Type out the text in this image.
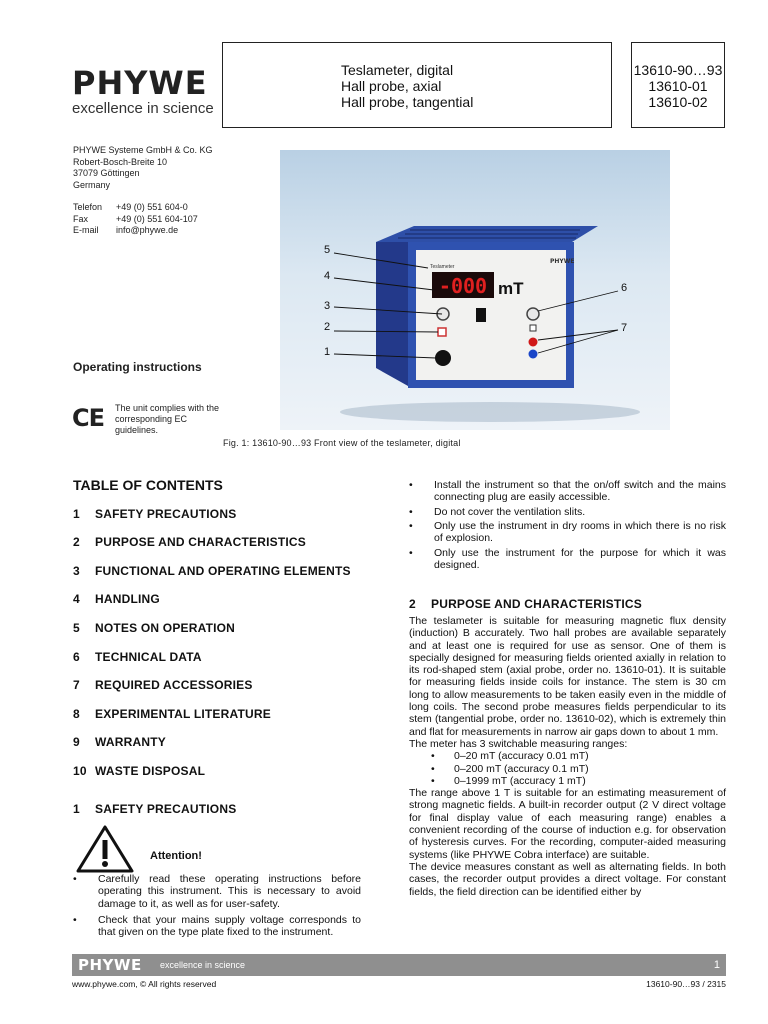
PHYWE
excellence in science
Teslameter, digital
Hall probe, axial
Hall probe, tangential
13610-90…93
13610-01
13610-02
PHYWE Systeme GmbH & Co. KG
Robert-Bosch-Breite 10
37079 Göttingen
Germany
Telefon +49 (0) 551 604-0
Fax	+49 (0) 551 604-107
E-mail info@phywe.de
Operating instructions
CE The unit complies with the corresponding EC guidelines.
-000 mT
Teslameter
PHYWE
5
4
3
2
1
6
7
Fig. 1: 13610-90…93 Front view of the teslameter, digital
TABLE OF CONTENTS
1 SAFETY PRECAUTIONS
2 PURPOSE AND CHARACTERISTICS
3 FUNCTIONAL AND OPERATING ELEMENTS
4 HANDLING
5 NOTES ON OPERATION
6 TECHNICAL DATA
7 REQUIRED ACCESSORIES
8 EXPERIMENTAL LITERATURE
9 WARRANTY
10 WASTE DISPOSAL
1 SAFETY PRECAUTIONS
Attention!
• Carefully read these operating instructions before operating this instrument. This is necessary to avoid damage to it, as well as for user-safety.
• Check that your mains supply voltage corresponds to that given on the type plate fixed to the instrument.
• Install the instrument so that the on/off switch and the mains connecting plug are easily accessible.
• Do not cover the ventilation slits.
• Only use the instrument in dry rooms in which there is no risk of explosion.
• Only use the instrument for the purpose for which it was designed.
2 PURPOSE AND CHARACTERISTICS

The teslameter is suitable for measuring magnetic flux density (induction) B accurately. Two hall probes are available separately and at least one is required for use as sensor. One of them is specially designed for measuring fields oriented axially in relation to its rod-shaped stem (axial probe, order no. 13610-01). It is suitable for measuring fields inside coils for instance. The stem is 30 cm long to allow measurements to be taken easily even in the middle of long coils. The second probe measures fields perpendicular to its stem (tangential probe, order no. 13610-02), which is extremely thin and flat for measurements in narrow air gaps down to about 1 mm.

The meter has 3 switchable measuring ranges:

• 0–20 mT (accuracy 0.01 mT)
• 0–200 mT (accuracy 0.1 mT)
• 0–1999 mT (accuracy 1 mT)

The range above 1 T is suitable for an estimating measurement of strong magnetic fields. A built-in recorder output (2 V direct voltage for final display value of each measuring range) enables a convenient recording of the course of induction e.g. for observation of hysteresis curves. For the recording, computer-aided measuring systems (like PHYWE Cobra interface) are suitable.

The device measures constant as well as alternating fields. In both cases, the recorder output provides a direct voltage. For constant fields, the field direction can be identified either by

PHYWE excellence in science	1
www.phywe.com, © All rights reserved	13610-90…93 / 2315
